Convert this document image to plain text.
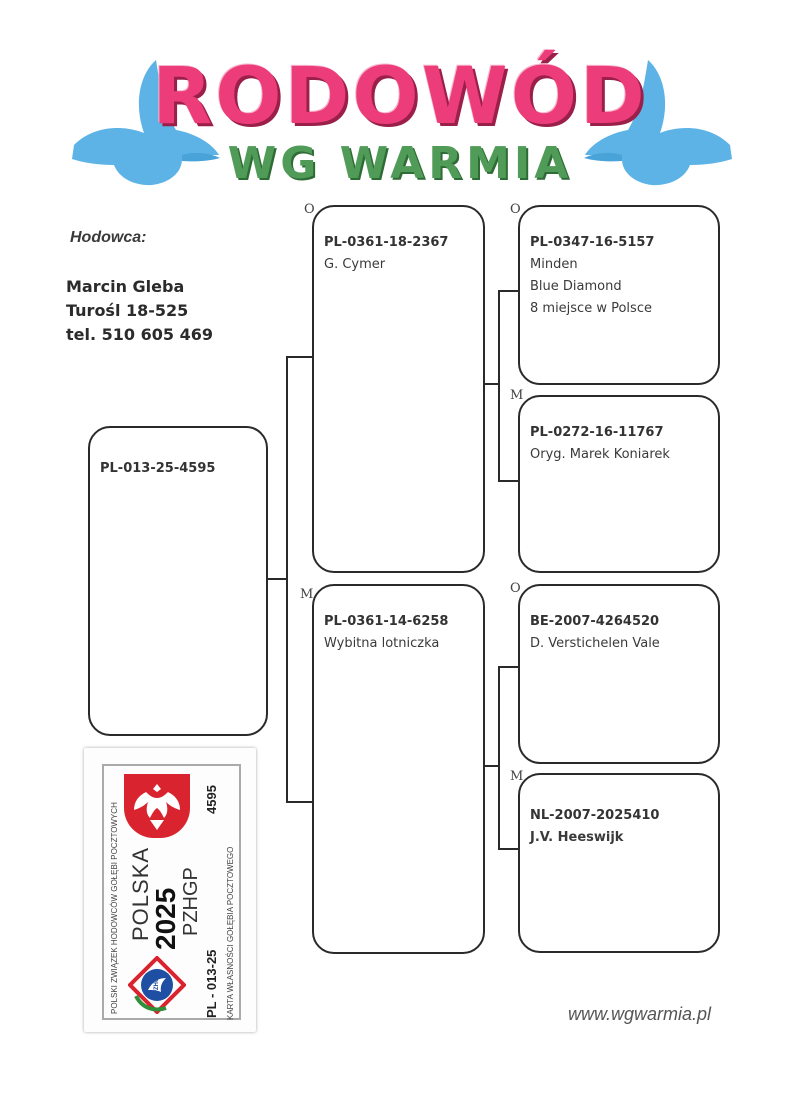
RODOWÓD
WG WARMIA
Hodowca:
Marcin Gleba
Turośl 18-525
tel. 510 605 469
O
M
O
M
O
M
PL-013-25-4595
PL-0361-18-2367
G. Cymer
PL-0361-14-6258
Wybitna lotniczka
PL-0347-16-5157
Minden
Blue Diamond
8 miejsce w Polsce
PL-0272-16-11767
Oryg. Marek Koniarek
BE-2007-4264520
D. Verstichelen Vale
NL-2007-2025410
J.V. Heeswijk
POLSKI ZWIĄZEK HODOWCÓW GOŁĘBI POCZTOWYCH POLSKA
2025 PZHGP
4595
PL - 013-25 KARTA WŁASNOŚCI GOŁĘBIA POCZTOWEGO
PZHGP
www.wgwarmia.pl
